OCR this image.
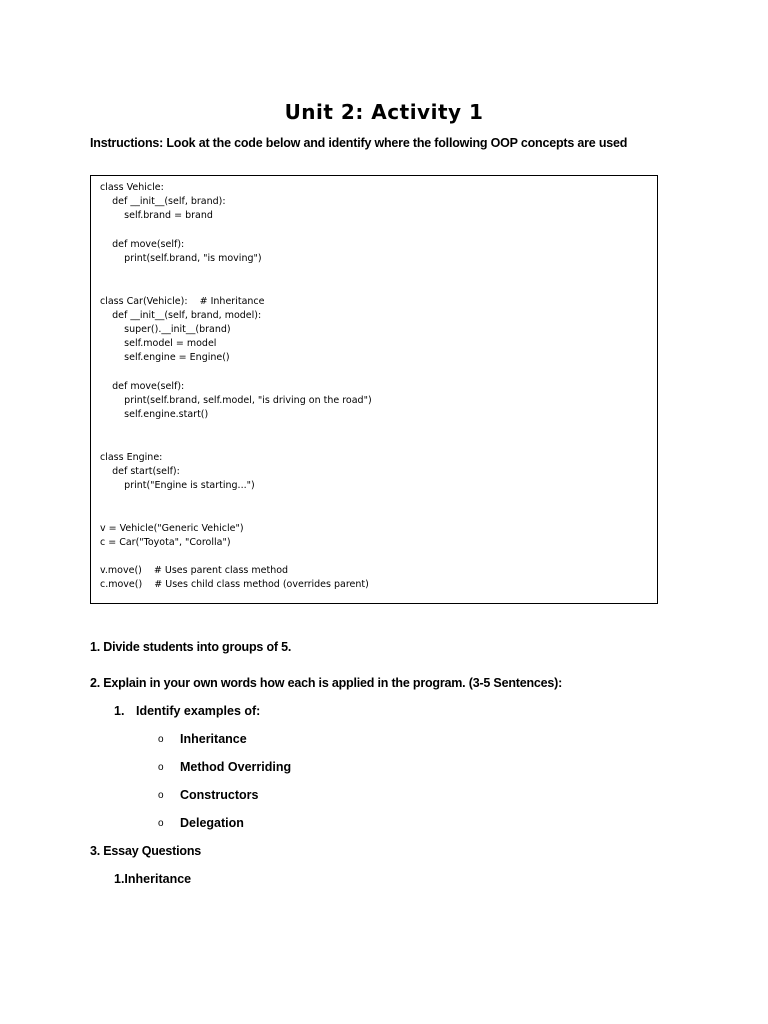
Unit 2: Activity 1
Instructions: Look at the code below and identify where the following OOP concepts are used
class Vehicle:
def __init__(self, brand):
self.brand = brand
def move(self):
print(self.brand, "is moving")
class Car(Vehicle):    # Inheritance
def __init__(self, brand, model):
super().__init__(brand)
self.model = model
self.engine = Engine()
def move(self):
print(self.brand, self.model, "is driving on the road")
self.engine.start()
class Engine:
def start(self):
print("Engine is starting...")
v = Vehicle("Generic Vehicle")
c = Car("Toyota", "Corolla")
v.move()    # Uses parent class method
c.move()    # Uses child class method (overrides parent)
1. Divide students into groups of 5.
2. Explain in your own words how each is applied in the program. (3-5 Sentences):
1. Identify examples of:
o Inheritance
o Method Overriding
o Constructors
o Delegation
3. Essay Questions
1.Inheritance
